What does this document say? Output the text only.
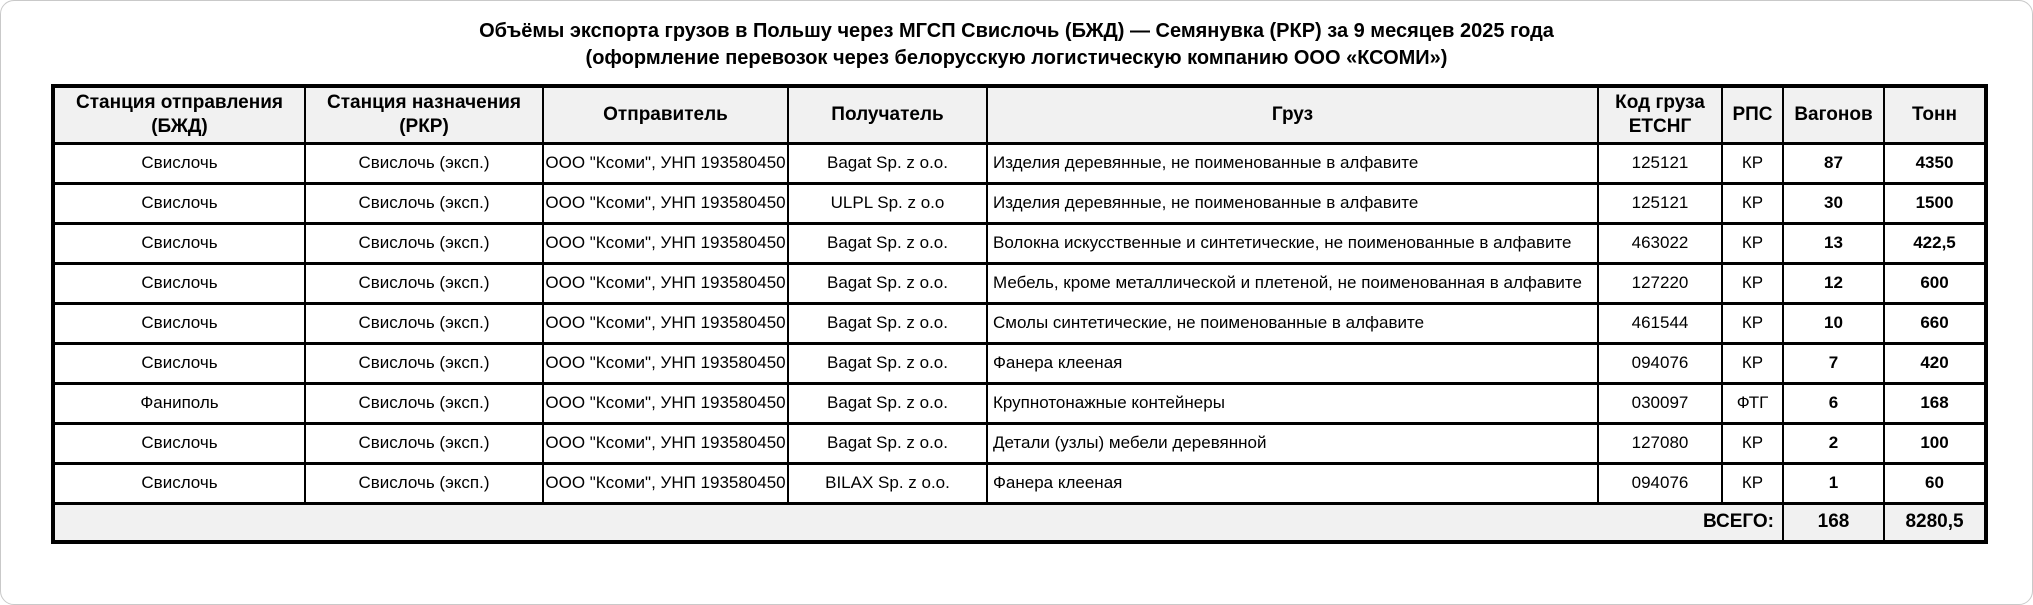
Объёмы экспорта грузов в Польшу через МГСП Свислочь (БЖД) — Семянувка (РКР) за 9 месяцев 2025 года
(оформление перевозок через белорусскую логистическую компанию ООО «КСОМИ»)
Станция отправления (БЖД)	Станция назначения (РКР)	Отправитель	Получатель	Груз	Код груза ЕТСНГ	РПС	Вагонов	Тонн
Свислочь	Свислочь (эксп.)	ООО "Ксоми", УНП 193580450	Bagat Sp. z o.o.	Изделия деревянные, не поименованные в алфавите	125121	КР	87	4350
Свислочь	Свислочь (эксп.)	ООО "Ксоми", УНП 193580450	ULPL Sp. z o.o	Изделия деревянные, не поименованные в алфавите	125121	КР	30	1500
Свислочь	Свислочь (эксп.)	ООО "Ксоми", УНП 193580450	Bagat Sp. z o.o.	Волокна искусственные и синтетические, не поименованные в алфавите	463022	КР	13	422,5
Свислочь	Свислочь (эксп.)	ООО "Ксоми", УНП 193580450	Bagat Sp. z o.o.	Мебель, кроме металлической и плетеной, не поименованная в алфавите	127220	КР	12	600
Свислочь	Свислочь (эксп.)	ООО "Ксоми", УНП 193580450	Bagat Sp. z o.o.	Смолы синтетические, не поименованные в алфавите	461544	КР	10	660
Свислочь	Свислочь (эксп.)	ООО "Ксоми", УНП 193580450	Bagat Sp. z o.o.	Фанера клееная	094076	КР	7	420
Фаниполь	Свислочь (эксп.)	ООО "Ксоми", УНП 193580450	Bagat Sp. z o.o.	Крупнотонажные контейнеры	030097	ФТГ	6	168
Свислочь	Свислочь (эксп.)	ООО "Ксоми", УНП 193580450	Bagat Sp. z o.o.	Детали (узлы) мебели деревянной	127080	КР	2	100
Свислочь	Свислочь (эксп.)	ООО "Ксоми", УНП 193580450	BILAX Sp. z o.o.	Фанера клееная	094076	КР	1	60
ВСЕГО:							168	8280,5
